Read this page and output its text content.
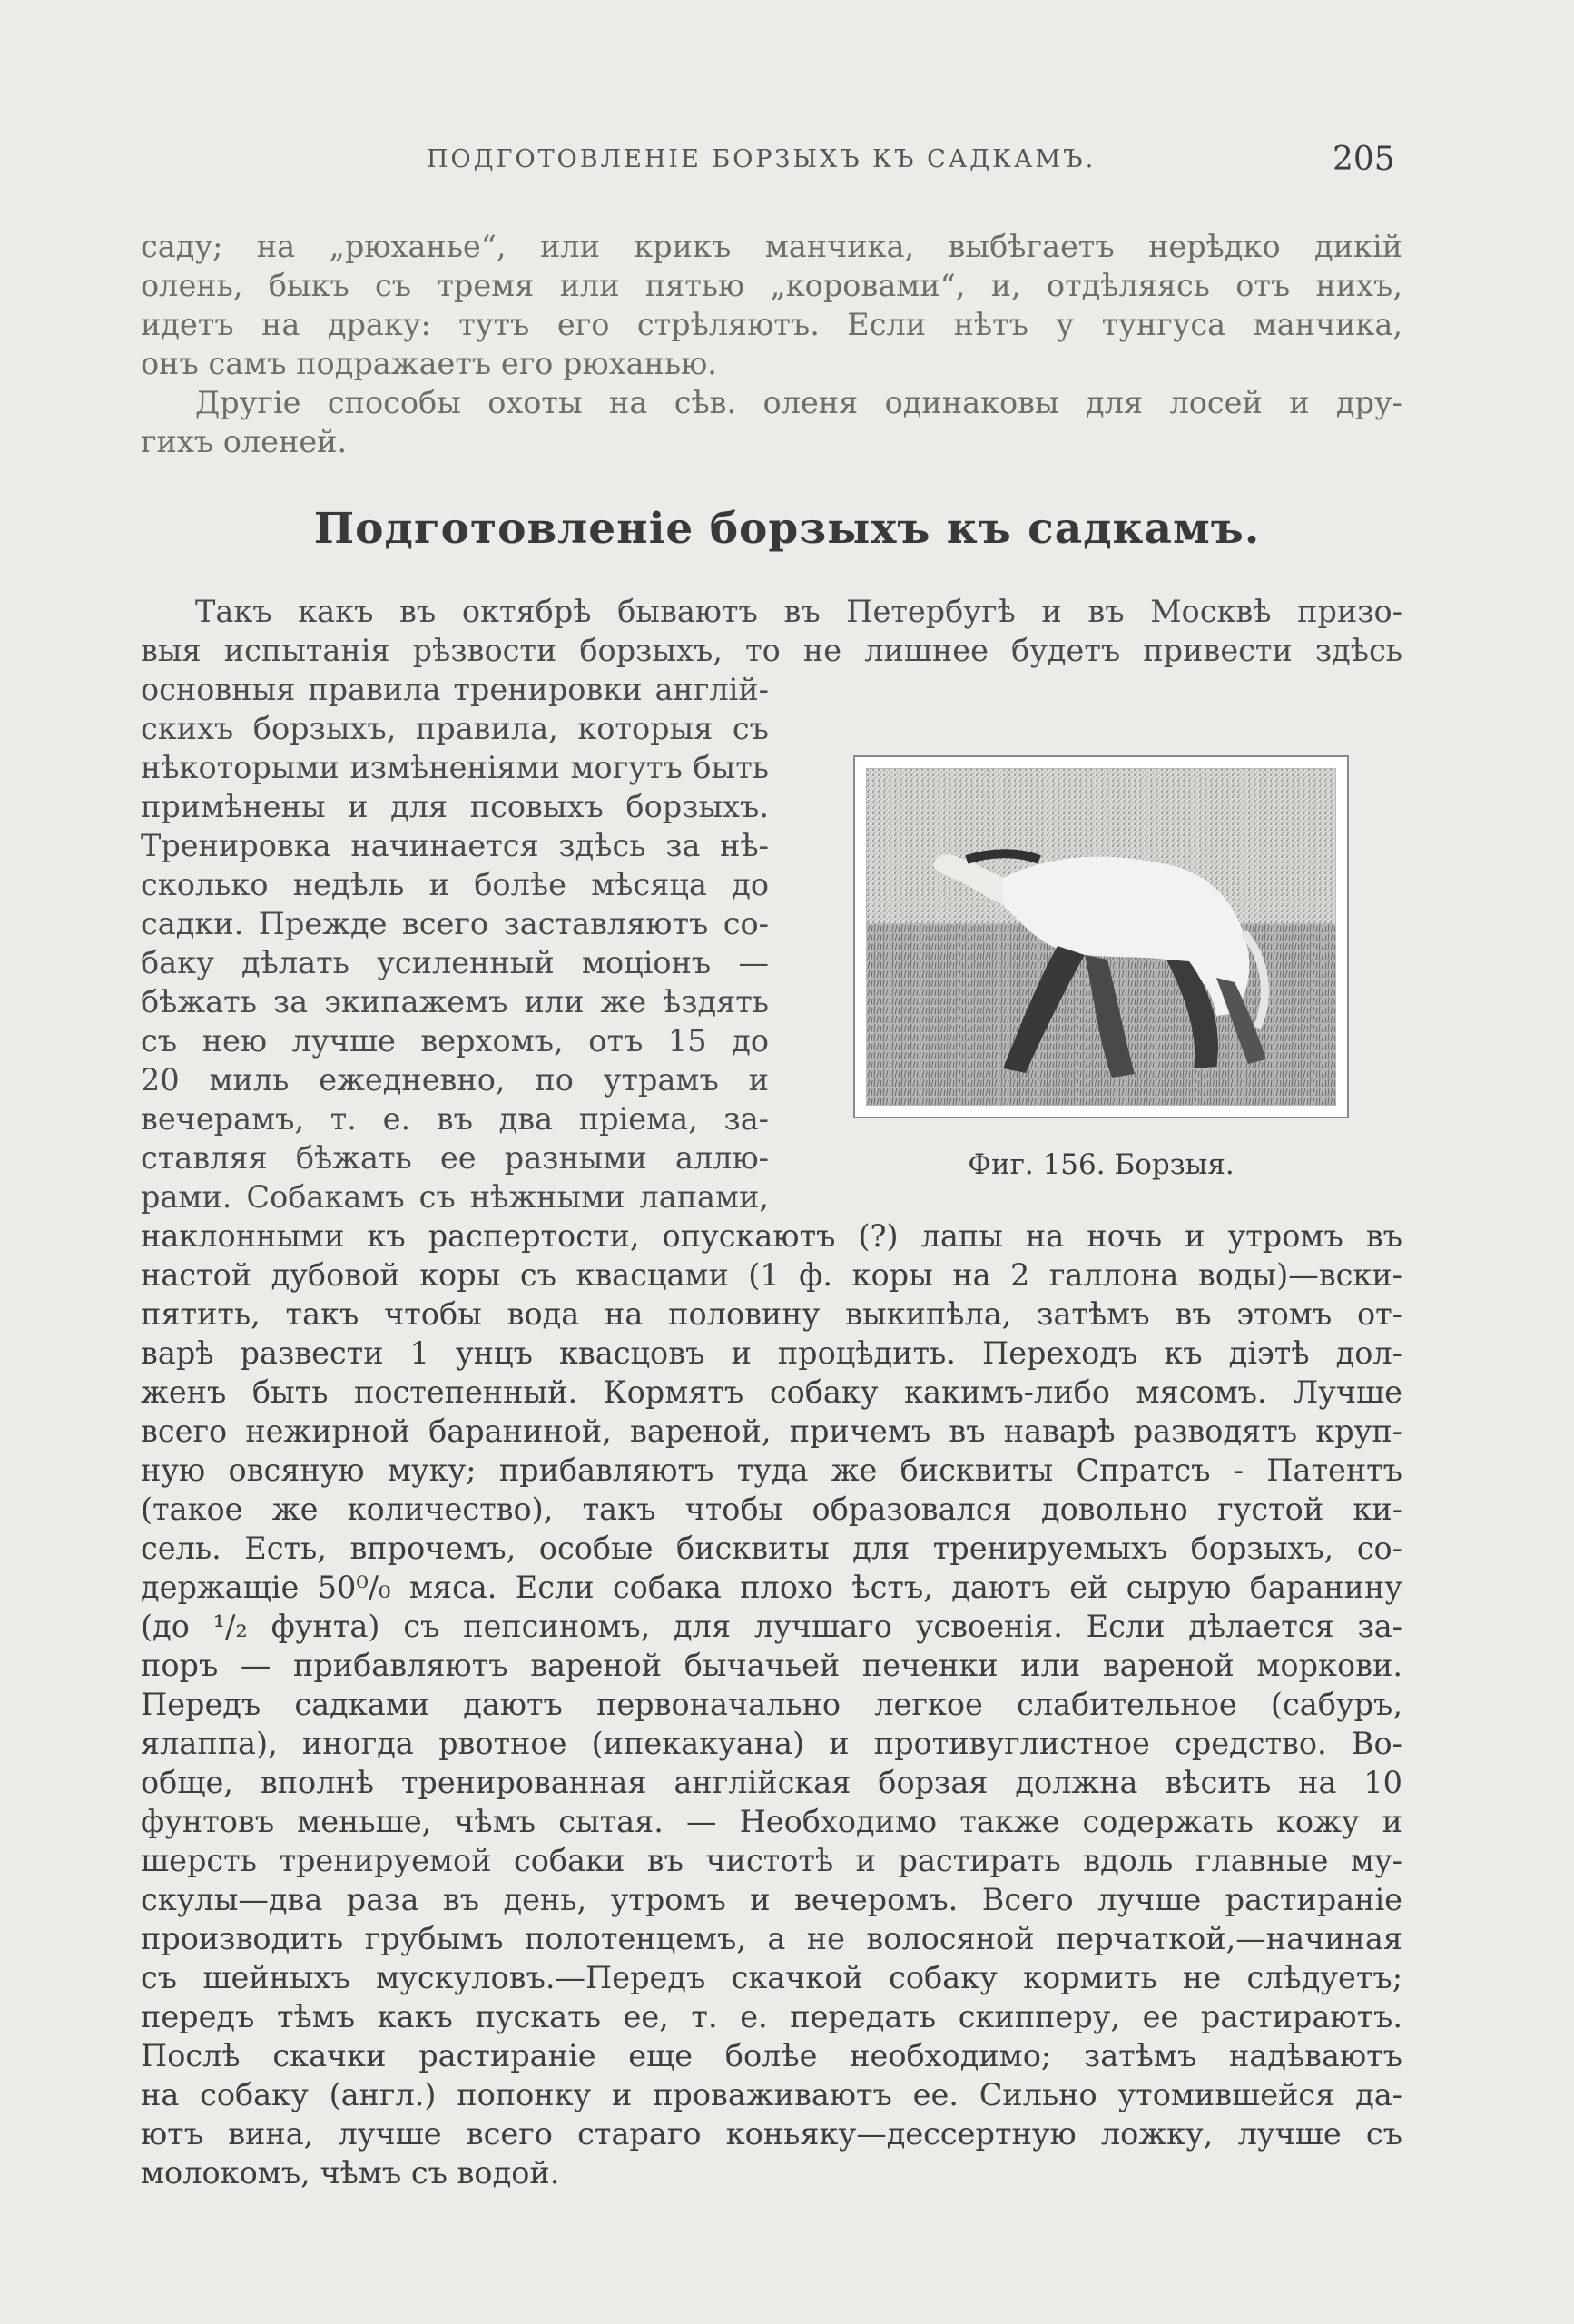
ПОДГОТОВЛЕНІЕ БОРЗЫХЪ КЪ САДКАМЪ.	205
саду; на „рюханье“, или крикъ манчика, выбѣгаетъ нерѣдко дикій
олень, быкъ съ тремя или пятью „коровами“, и, отдѣляясь отъ нихъ,
идетъ на драку: тутъ его стрѣляютъ. Если нѣтъ у тунгуса манчика,
онъ самъ подражаетъ его рюханью.
Другіе способы охоты на сѣв. оленя одинаковы для лосей и дру-
гихъ оленей.
Подготовленіе борзыхъ къ садкамъ.
Такъ какъ въ октябрѣ бываютъ въ Петербугѣ и въ Москвѣ призо-
выя испытанія рѣзвости борзыхъ, то не лишнее будетъ привести здѣсь
основныя правила тренировки англій-
скихъ борзыхъ, правила, которыя съ
нѣкоторыми измѣненіями могутъ быть
примѣнены и для псовыхъ борзыхъ.
Тренировка начинается здѣсь за нѣ-
сколько недѣль и болѣе мѣсяца до
садки. Прежде всего заставляютъ со-
баку дѣлать усиленный моціонъ —
бѣжать за экипажемъ или же ѣздять
съ нею лучше верхомъ, отъ 15 до
20 миль ежедневно, по утрамъ и
вечерамъ, т. е. въ два пріема, за-
ставляя бѣжать ее разными аллю-
рами. Собакамъ съ нѣжными лапами,
Фиг. 156. Борзыя.
наклонными къ распертости, опускаютъ (?) лапы на ночь и утромъ въ
настой дубовой коры съ квасцами (1 ф. коры на 2 галлона воды)—вски-
пятить, такъ чтобы вода на половину выкипѣла, затѣмъ въ этомъ от-
варѣ развести 1 унцъ квасцовъ и процѣдить. Переходъ къ діэтѣ дол-
женъ быть постепенный. Кормятъ собаку какимъ-либо мясомъ. Лучше
всего нежирной бараниной, вареной, причемъ въ наварѣ разводятъ круп-
ную овсяную муку; прибавляютъ туда же бисквиты Спратсъ - Патентъ
(такое же количество), такъ чтобы образовался довольно густой ки-
сель. Есть, впрочемъ, особые бисквиты для тренируемыхъ борзыхъ, со-
держащіе 50⁰/₀ мяса. Если собака плохо ѣстъ, даютъ ей сырую баранину
(до ¹/₂ фунта) съ пепсиномъ, для лучшаго усвоенія. Если дѣлается за-
поръ — прибавляютъ вареной бычачьей печенки или вареной моркови.
Передъ садками даютъ первоначально легкое слабительное (сабуръ,
ялаппа), иногда рвотное (ипекакуана) и противуглистное средство. Во-
обще, вполнѣ тренированная англійская борзая должна вѣсить на 10
фунтовъ меньше, чѣмъ сытая. — Необходимо также содержать кожу и
шерсть тренируемой собаки въ чистотѣ и растирать вдоль главные му-
скулы—два раза въ день, утромъ и вечеромъ. Всего лучше растираніе
производить грубымъ полотенцемъ, а не волосяной перчаткой,—начиная
съ шейныхъ мускуловъ.—Передъ скачкой собаку кормить не слѣдуетъ;
передъ тѣмъ какъ пускать ее, т. е. передать скипперу, ее растираютъ.
Послѣ скачки растираніе еще болѣе необходимо; затѣмъ надѣваютъ
на собаку (англ.) попонку и проваживаютъ ее. Сильно утомившейся да-
ютъ вина, лучше всего стараго коньяку—дессертную ложку, лучше съ
молокомъ, чѣмъ съ водой.
